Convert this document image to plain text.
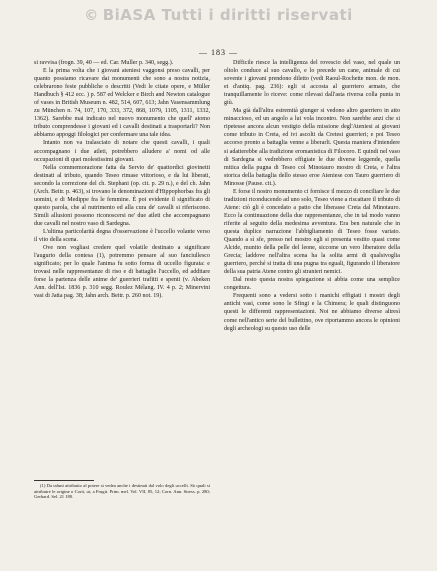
© BiASA Tutti i diritti riservati
— 183 —

si ravvisa (frogn. 39, 40 — ed. Car. Muller p. 340, segg.).

E la prima volta che i giovani ateniesi vaggonsi preso cavalli, per quanto possiamo ricavare dai monumenti che sono a nostra notizia, celebrarono feste pubbliche o descritti (Vedi le citate opere, e Müller Handbuch § 412 ecc. ) p. 587 ed Welcker e Birch and Newton catalogue of vases in British Museum n. 482, 514, 607, 613; Jahn Vasensammlung zu München n. 74, 107, 170, 333, 372, 868, 1079, 1105, 1311, 1332, 1362). Sarebbe mai indicato nel nuovo monumento che quell' atomo tributo comprendesse i giovani ed i cavalli destinati a trasportarli? Non abbiamo appoggi filologici per confermare una tale idea.

Intanto non va tralasciato di notare che questi cavalli, i quali accompagnano i due atleti, potrebbero alludere a' nomi od alle occupazioni di quei molestissimi giovani.

Nella commemorazione fatta da Servio de' quattordici giovinetti destinati al tributo, quando Teseo rimase vittorioso, e da lui liberati, secondo la correzione del ch. Stephani (op. cit. p. 29 n.), e del ch. Jahn (Arch. Beitr. p. 463), si trovano le denominazioni d'Hippophorbas fra gli uomini, e di Medippe fra le femmine. È poi evidente il significato di questo parola, che al nutrimento ed alla cura de' cavalli si riferiscono. Simili allusioni possono riconoscersi ne' due atleti che accompagnano due cavalli nel nostro vaso di Sardegna.

L'ultima particolarità degna d'osservazione è l'uccello volante verso il vito della scena.

Ove non vogliasi credere quel volatile destinato a significare l'augurio della contesa (1), potremmo pensare al suo fanciullesco significato; per lo quale l'anima fu sotto forma di uccello figurata: e trovasi nelle rappresentanze di riso e di battaglie l'uccello, ed additare forse la partenza delle anime de' guerrieri trafitti e spenti (v. Abeken Ann. dell'Ist. 1836 p. 310 segg. Roulez Mélang. IV. 4 p. 2; Minervini vasi di Jatta pag. 38; Jahn arch. Beitr. p. 260 not. 19).

Difficile riesce la intelligenza del rovescio del vaso, nel quale un oltolo conduce al suo cavallo, e lo precede un cane, animale di cui sovente i giovani prendono diletto (vedi Raoul-Rochette mon. de mon. et d'antiq. pag. 236): egli si accosta al guerriero armato, che tranquillamente lo riceve: come rilevasi dall'asta riversa colla punta in giù.

Ma già dall'altra estremità giunger si vedono altro guerriero in atto minaccioso, ed un angolo a lui vola incontro. Non sarebbe anzi che si ripetesse ancora alcun vestigio della missione degl'Ateniesi ai giovani come tributo in Creta, ed ivi ascolti da Cretesi guerrieri; e poi Teseo accorso pronto a battaglia venne a liberarli. Questa maniera d'intendere si adatterebbe alla tradizione eromanistica di Filocoro. E quindi nel vaso di Sardegna si vedrebbero effigiate le due diverse leggende, quella mitica della pugna di Teseo col Minotauro mostro di Creta, e l'altra storica della battaglia dello stesso eroe Ateniese con Tauro guerriero di Minosse (Pause. cit.).

E forse il nostro monumento ci fornisce il mezzo di conciliare le due tradizioni riconducendo ad uno solo, Teseo viene a riscattare il tributo di Atene: ciò gli è concedato a patto che liberasse Creta dal Minotauro. Ecco la continuazione della due rappresentanze, che in tal modo vanno riferite al seguito della medesima avventura. Era ben naturale che in questa duplice narrazione l'abbigliamento di Teseo fosse variato. Quando a sì sfe, presso nel mostro egli si presenta vestito quasi come Alcide, munito della pelle del leone, siccome un vero liberatore della Grecia; laddove nell'altra scena ha la solita armi di qualsivoglia guerriero, perché si tratta di una pugna tra eguali, figurando il liberatore della sua patria Atene contro gli stranieri nemici.

Dal resto questa nostra spiegazione si abbia come una semplice congettura.

Frequenti sono a vedersi sotto i manichi effigiati i mostri degli antichi vasi, come sono le Sfingi e la Chimera; le quali distinguono questi le differenti rappresentazioni. Noi ne abbiamo diverse altresì come nell'antico serie del bullettino, ove riportammo ancora le opinioni degli archeologi su questo uso delle

(1) Da taluni attribuito al potere si vedea anche i destinati dal volo degli uccelli. Sò quali si attribuire le origine o Corti, ut, a Frugit. Prim. mel. Vol. VII, 85, 12; Corn. Ann. Stress. p. 280; Gerhard. Sel. 21 180.
